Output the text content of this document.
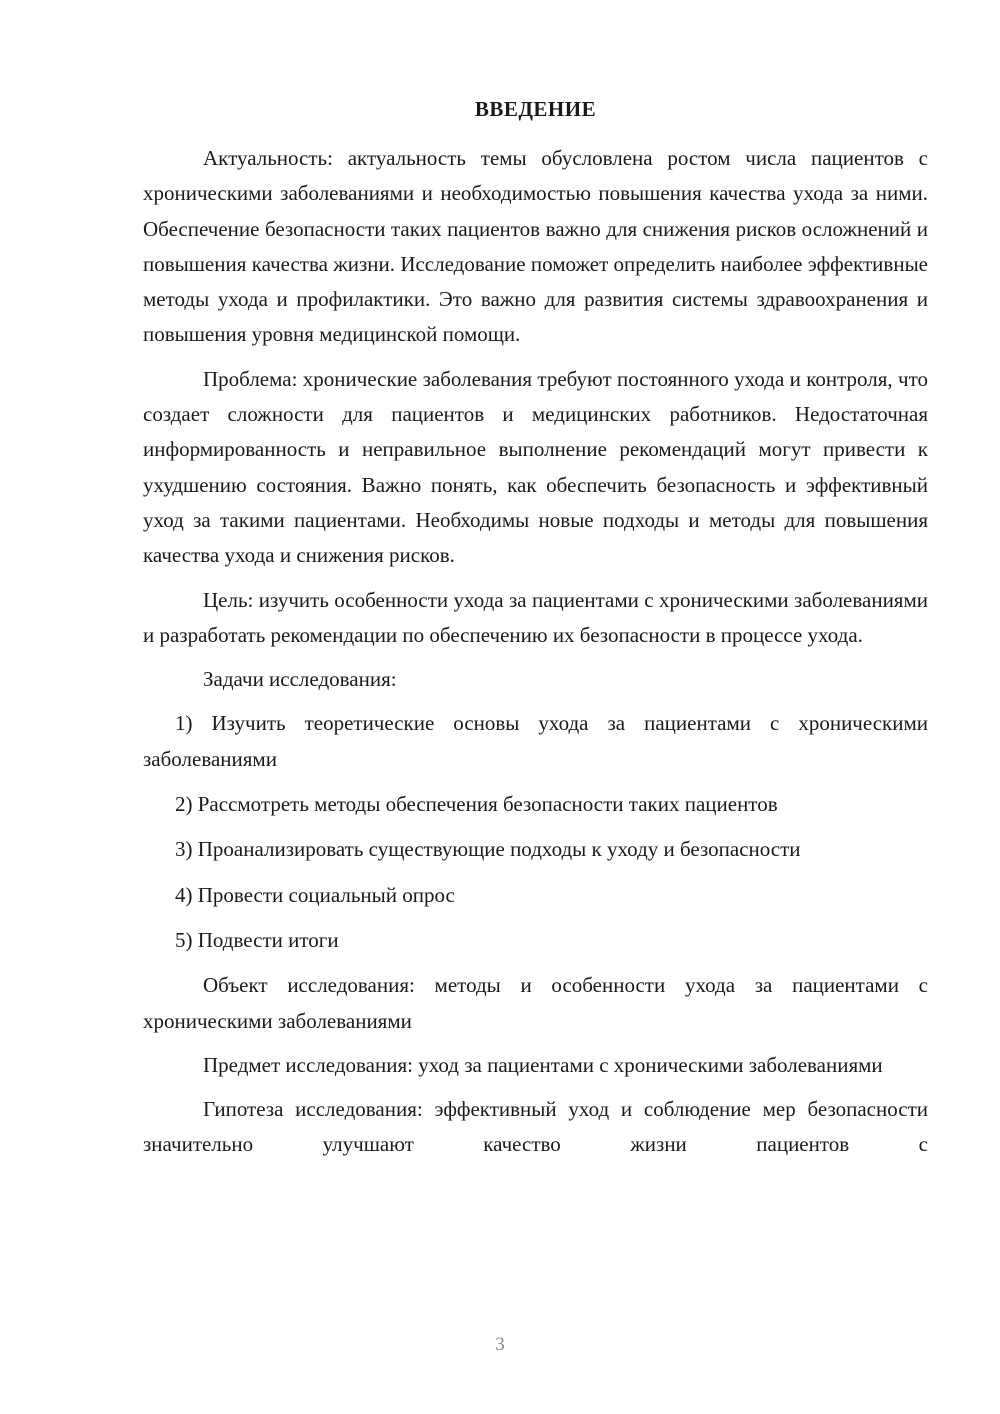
ВВЕДЕНИЕ

Актуальность: актуальность темы обусловлена ростом числа пациентов с хроническими заболеваниями и необходимостью повышения качества ухода за ними. Обеспечение безопасности таких пациентов важно для снижения рисков осложнений и повышения качества жизни. Исследование поможет определить наиболее эффективные методы ухода и профилактики. Это важно для развития системы здравоохранения и повышения уровня медицинской помощи.

Проблема: хронические заболевания требуют постоянного ухода и контроля, что создает сложности для пациентов и медицинских работников. Недостаточная информированность и неправильное выполнение рекомендаций могут привести к ухудшению состояния. Важно понять, как обеспечить безопасность и эффективный уход за такими пациентами. Необходимы новые подходы и методы для повышения качества ухода и снижения рисков.

Цель: изучить особенности ухода за пациентами с хроническими заболеваниями и разработать рекомендации по обеспечению их безопасности в процессе ухода.

Задачи исследования:

1) Изучить теоретические основы ухода за пациентами с хроническими заболеваниями

2) Рассмотреть методы обеспечения безопасности таких пациентов

3) Проанализировать существующие подходы к уходу и безопасности

4) Провести социальный опрос

5) Подвести итоги

Объект исследования: методы и особенности ухода за пациентами с хроническими заболеваниями

Предмет исследования: уход за пациентами с хроническими заболеваниями

Гипотеза исследования: эффективный уход и соблюдение мер безопасности значительно улучшают качество жизни пациентов с

3
